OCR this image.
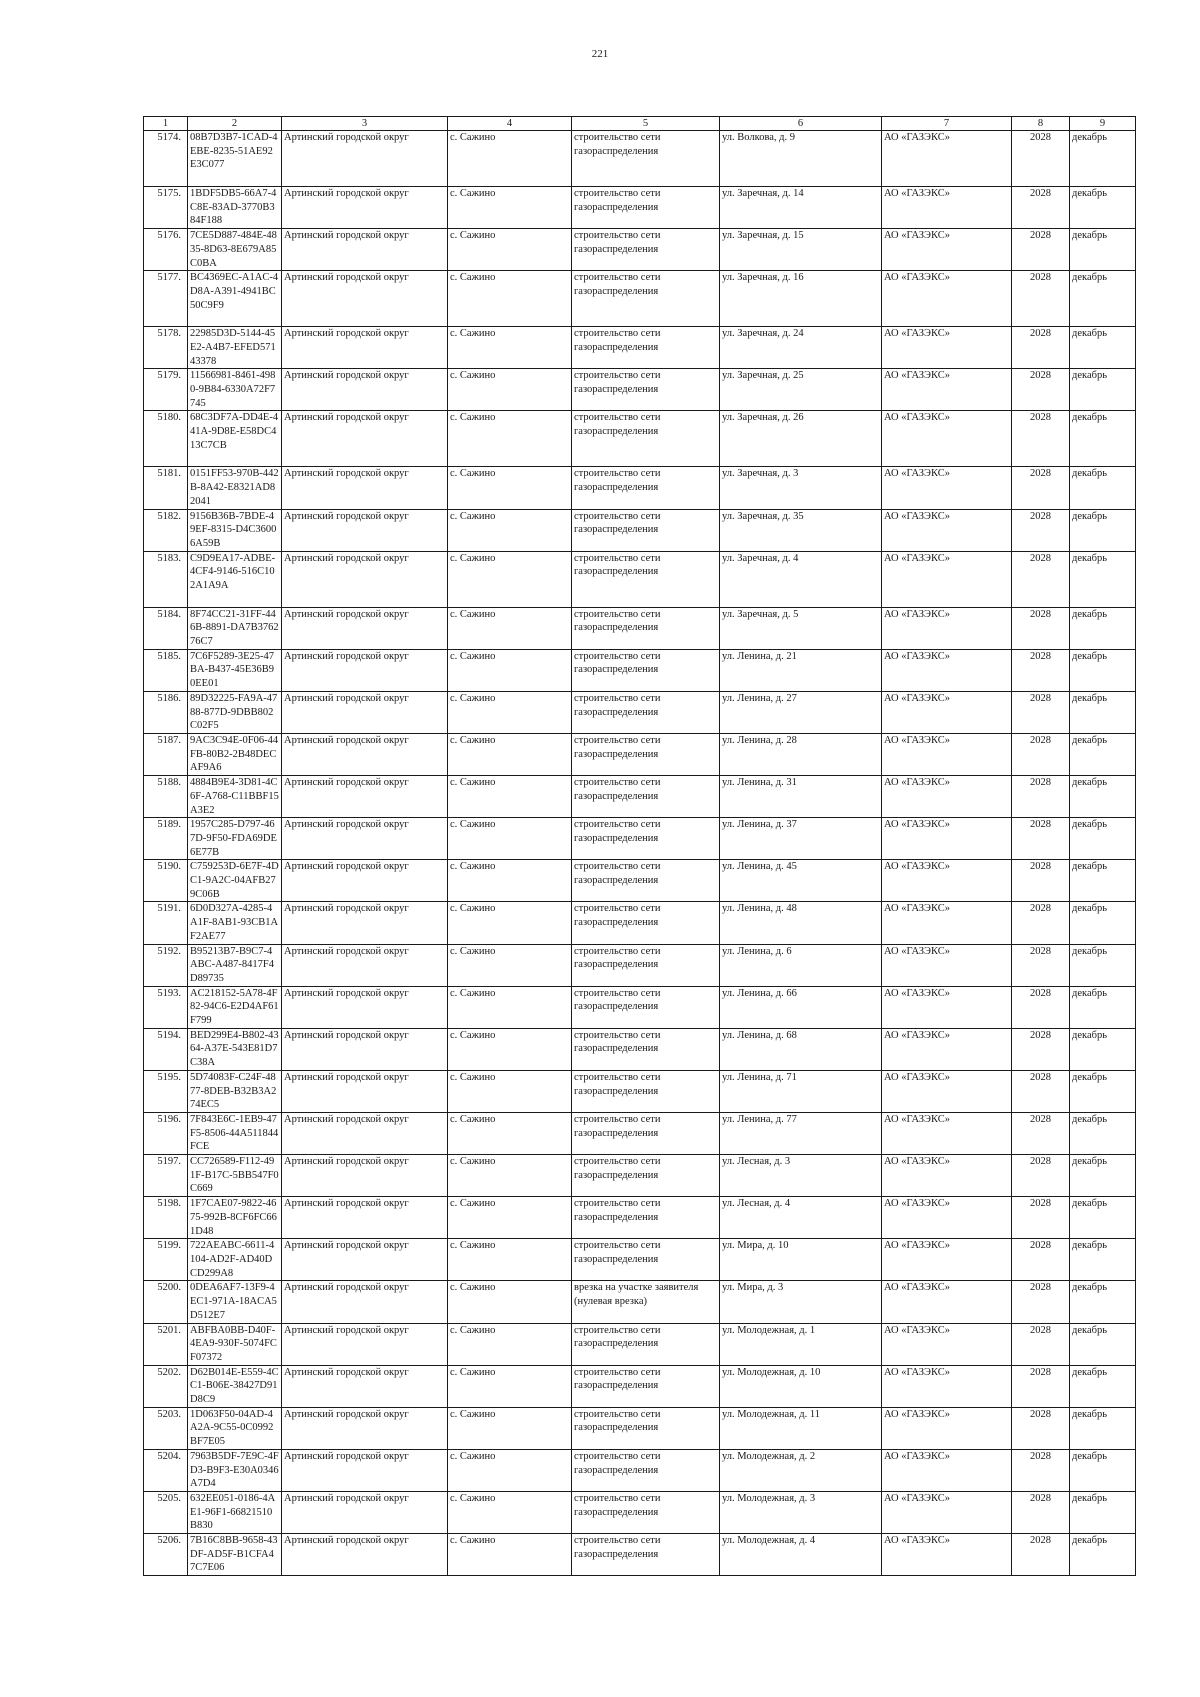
221
1	2	3	4	5	6	7	8	9
5174.	08B7D3B7-1CAD-4EBE-8235-51AE92E3C077	Артинский городской округ	с. Сажино	строительство сети газораспределения	ул. Волкова, д. 9	АО «ГАЗЭКС»	2028	декабрь
5175.	1BDF5DB5-66A7-4C8E-83AD-3770B384F188	Артинский городской округ	с. Сажино	строительство сети газораспределения	ул. Заречная, д. 14	АО «ГАЗЭКС»	2028	декабрь
5176.	7CE5D887-484E-4835-8D63-8E679A85C0BA	Артинский городской округ	с. Сажино	строительство сети газораспределения	ул. Заречная, д. 15	АО «ГАЗЭКС»	2028	декабрь
5177.	BC4369EC-A1AC-4D8A-A391-4941BC50C9F9	Артинский городской округ	с. Сажино	строительство сети газораспределения	ул. Заречная, д. 16	АО «ГАЗЭКС»	2028	декабрь
5178.	22985D3D-5144-45E2-A4B7-EFED57143378	Артинский городской округ	с. Сажино	строительство сети газораспределения	ул. Заречная, д. 24	АО «ГАЗЭКС»	2028	декабрь
5179.	11566981-8461-4980-9B84-6330A72F7745	Артинский городской округ	с. Сажино	строительство сети газораспределения	ул. Заречная, д. 25	АО «ГАЗЭКС»	2028	декабрь
5180.	68C3DF7A-DD4E-441A-9D8E-E58DC413C7CB	Артинский городской округ	с. Сажино	строительство сети газораспределения	ул. Заречная, д. 26	АО «ГАЗЭКС»	2028	декабрь
5181.	0151FF53-970B-442B-8A42-E8321AD82041	Артинский городской округ	с. Сажино	строительство сети газораспределения	ул. Заречная, д. 3	АО «ГАЗЭКС»	2028	декабрь
5182.	9156B36B-7BDE-49EF-8315-D4C36006A59B	Артинский городской округ	с. Сажино	строительство сети газораспределения	ул. Заречная, д. 35	АО «ГАЗЭКС»	2028	декабрь
5183.	C9D9EA17-ADBE-4CF4-9146-516C102A1A9A	Артинский городской округ	с. Сажино	строительство сети газораспределения	ул. Заречная, д. 4	АО «ГАЗЭКС»	2028	декабрь
5184.	8F74CC21-31FF-446B-8891-DA7B376276C7	Артинский городской округ	с. Сажино	строительство сети газораспределения	ул. Заречная, д. 5	АО «ГАЗЭКС»	2028	декабрь
5185.	7C6F5289-3E25-47BA-B437-45E36B90EE01	Артинский городской округ	с. Сажино	строительство сети газораспределения	ул. Ленина, д. 21	АО «ГАЗЭКС»	2028	декабрь
5186.	89D32225-FA9A-4788-877D-9DBB802C02F5	Артинский городской округ	с. Сажино	строительство сети газораспределения	ул. Ленина, д. 27	АО «ГАЗЭКС»	2028	декабрь
5187.	9AC3C94E-0F06-44FB-80B2-2B48DECAF9A6	Артинский городской округ	с. Сажино	строительство сети газораспределения	ул. Ленина, д. 28	АО «ГАЗЭКС»	2028	декабрь
5188.	4884B9E4-3D81-4C6F-A768-C11BBF15A3E2	Артинский городской округ	с. Сажино	строительство сети газораспределения	ул. Ленина, д. 31	АО «ГАЗЭКС»	2028	декабрь
5189.	1957C285-D797-467D-9F50-FDA69DE6E77B	Артинский городской округ	с. Сажино	строительство сети газораспределения	ул. Ленина, д. 37	АО «ГАЗЭКС»	2028	декабрь
5190.	C759253D-6E7F-4DC1-9A2C-04AFB279C06B	Артинский городской округ	с. Сажино	строительство сети газораспределения	ул. Ленина, д. 45	АО «ГАЗЭКС»	2028	декабрь
5191.	6D0D327A-4285-4A1F-8AB1-93CB1AF2AE77	Артинский городской округ	с. Сажино	строительство сети газораспределения	ул. Ленина, д. 48	АО «ГАЗЭКС»	2028	декабрь
5192.	B95213B7-B9C7-4ABC-A487-8417F4D89735	Артинский городской округ	с. Сажино	строительство сети газораспределения	ул. Ленина, д. 6	АО «ГАЗЭКС»	2028	декабрь
5193.	AC218152-5A78-4F82-94C6-E2D4AF61F799	Артинский городской округ	с. Сажино	строительство сети газораспределения	ул. Ленина, д. 66	АО «ГАЗЭКС»	2028	декабрь
5194.	BED299E4-B802-4364-A37E-543E81D7C38A	Артинский городской округ	с. Сажино	строительство сети газораспределения	ул. Ленина, д. 68	АО «ГАЗЭКС»	2028	декабрь
5195.	5D74083F-C24F-4877-8DEB-B32B3A274EC5	Артинский городской округ	с. Сажино	строительство сети газораспределения	ул. Ленина, д. 71	АО «ГАЗЭКС»	2028	декабрь
5196.	7F843E6C-1EB9-47F5-8506-44A511844FCE	Артинский городской округ	с. Сажино	строительство сети газораспределения	ул. Ленина, д. 77	АО «ГАЗЭКС»	2028	декабрь
5197.	CC726589-F112-491F-B17C-5BB547F0C669	Артинский городской округ	с. Сажино	строительство сети газораспределения	ул. Лесная, д. 3	АО «ГАЗЭКС»	2028	декабрь
5198.	1F7CAE07-9822-4675-992B-8CF6FC661D48	Артинский городской округ	с. Сажино	строительство сети газораспределения	ул. Лесная, д. 4	АО «ГАЗЭКС»	2028	декабрь
5199.	722AEABC-6611-4104-AD2F-AD40DCD299A8	Артинский городской округ	с. Сажино	строительство сети газораспределения	ул. Мира, д. 10	АО «ГАЗЭКС»	2028	декабрь
5200.	0DEA6AF7-13F9-4EC1-971A-18ACA5D512E7	Артинский городской округ	с. Сажино	врезка на участке заявителя (нулевая врезка)	ул. Мира, д. 3	АО «ГАЗЭКС»	2028	декабрь
5201.	ABFBA0BB-D40F-4EA9-930F-5074FCF07372	Артинский городской округ	с. Сажино	строительство сети газораспределения	ул. Молодежная, д. 1	АО «ГАЗЭКС»	2028	декабрь
5202.	D62B014E-E559-4CC1-B06E-38427D91D8C9	Артинский городской округ	с. Сажино	строительство сети газораспределения	ул. Молодежная, д. 10	АО «ГАЗЭКС»	2028	декабрь
5203.	1D063F50-04AD-4A2A-9C55-0C0992BF7E05	Артинский городской округ	с. Сажино	строительство сети газораспределения	ул. Молодежная, д. 11	АО «ГАЗЭКС»	2028	декабрь
5204.	7963B5DF-7E9C-4FD3-B9F3-E30A0346A7D4	Артинский городской округ	с. Сажино	строительство сети газораспределения	ул. Молодежная, д. 2	АО «ГАЗЭКС»	2028	декабрь
5205.	632EE051-0186-4AE1-96F1-66821510B830	Артинский городской округ	с. Сажино	строительство сети газораспределения	ул. Молодежная, д. 3	АО «ГАЗЭКС»	2028	декабрь
5206.	7B16C8BB-9658-43DF-AD5F-B1CFA47C7E06	Артинский городской округ	с. Сажино	строительство сети газораспределения	ул. Молодежная, д. 4	АО «ГАЗЭКС»	2028	декабрь
